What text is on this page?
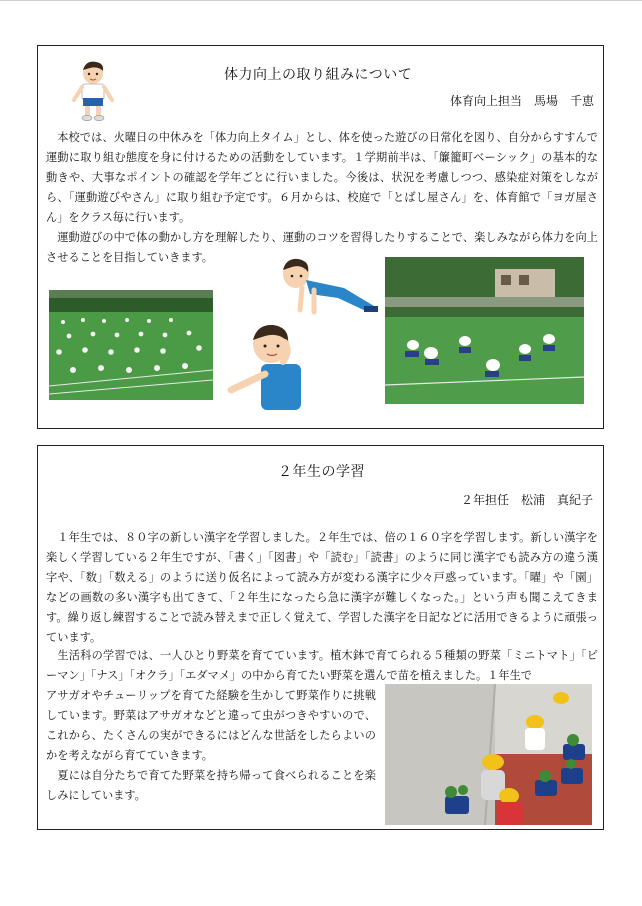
体力向上の取り組みについて
体育向上担当　馬場　千恵

　本校では、火曜日の中休みを「体力向上タイム」とし、体を使った遊びの日常化を図り、自分からすすんで運動に取り組む態度を身に付けるための活動をしています。１学期前半は、「簾籠町ベーシック」の基本的な動きや、大事なポイントの確認を学年ごとに行いました。今後は、状況を考慮しつつ、感染症対策をしながら、「運動遊びやさん」に取り組む予定です。６月からは、校庭で「とばし屋さん」を、体育館で「ヨガ屋さん」をクラス毎に行います。

　運動遊びの中で体の動かし方を理解したり、運動のコツを習得したりすることで、楽しみながら体力を向上させることを目指していきます。

２年生の学習
２年担任　松浦　真紀子

　１年生では、８０字の新しい漢字を学習しました。２年生では、倍の１６０字を学習します。新しい漢字を楽しく学習している２年生ですが、「書く」「図書」や「読む」「読書」のように同じ漢字でも読み方の違う漢字や、「数」「数える」のように送り仮名によって読み方が変わる漢字に少々戸惑っています。「曜」や「園」などの画数の多い漢字も出てきて、「２年生になったら急に漢字が難しくなった。」という声も聞こえてきます。繰り返し練習することで読み替えまで正しく覚えて、学習した漢字を日記などに活用できるように頑張っています。

　生活科の学習では、一人ひとり野菜を育てています。植木鉢で育てられる５種類の野菜「ミニトマト」「ピーマン」「ナス」「オクラ」「エダマメ」の中から育てたい野菜を選んで苗を植えました。１年生で

アサガオやチューリップを育てた経験を生かして野菜作りに挑戦しています。野菜はアサガオなどと違って虫がつきやすいので、これから、たくさんの実ができるにはどんな世話をしたらよいのかを考えながら育てていきます。

　夏には自分たちで育てた野菜を持ち帰って食べられることを楽しみにしています。
